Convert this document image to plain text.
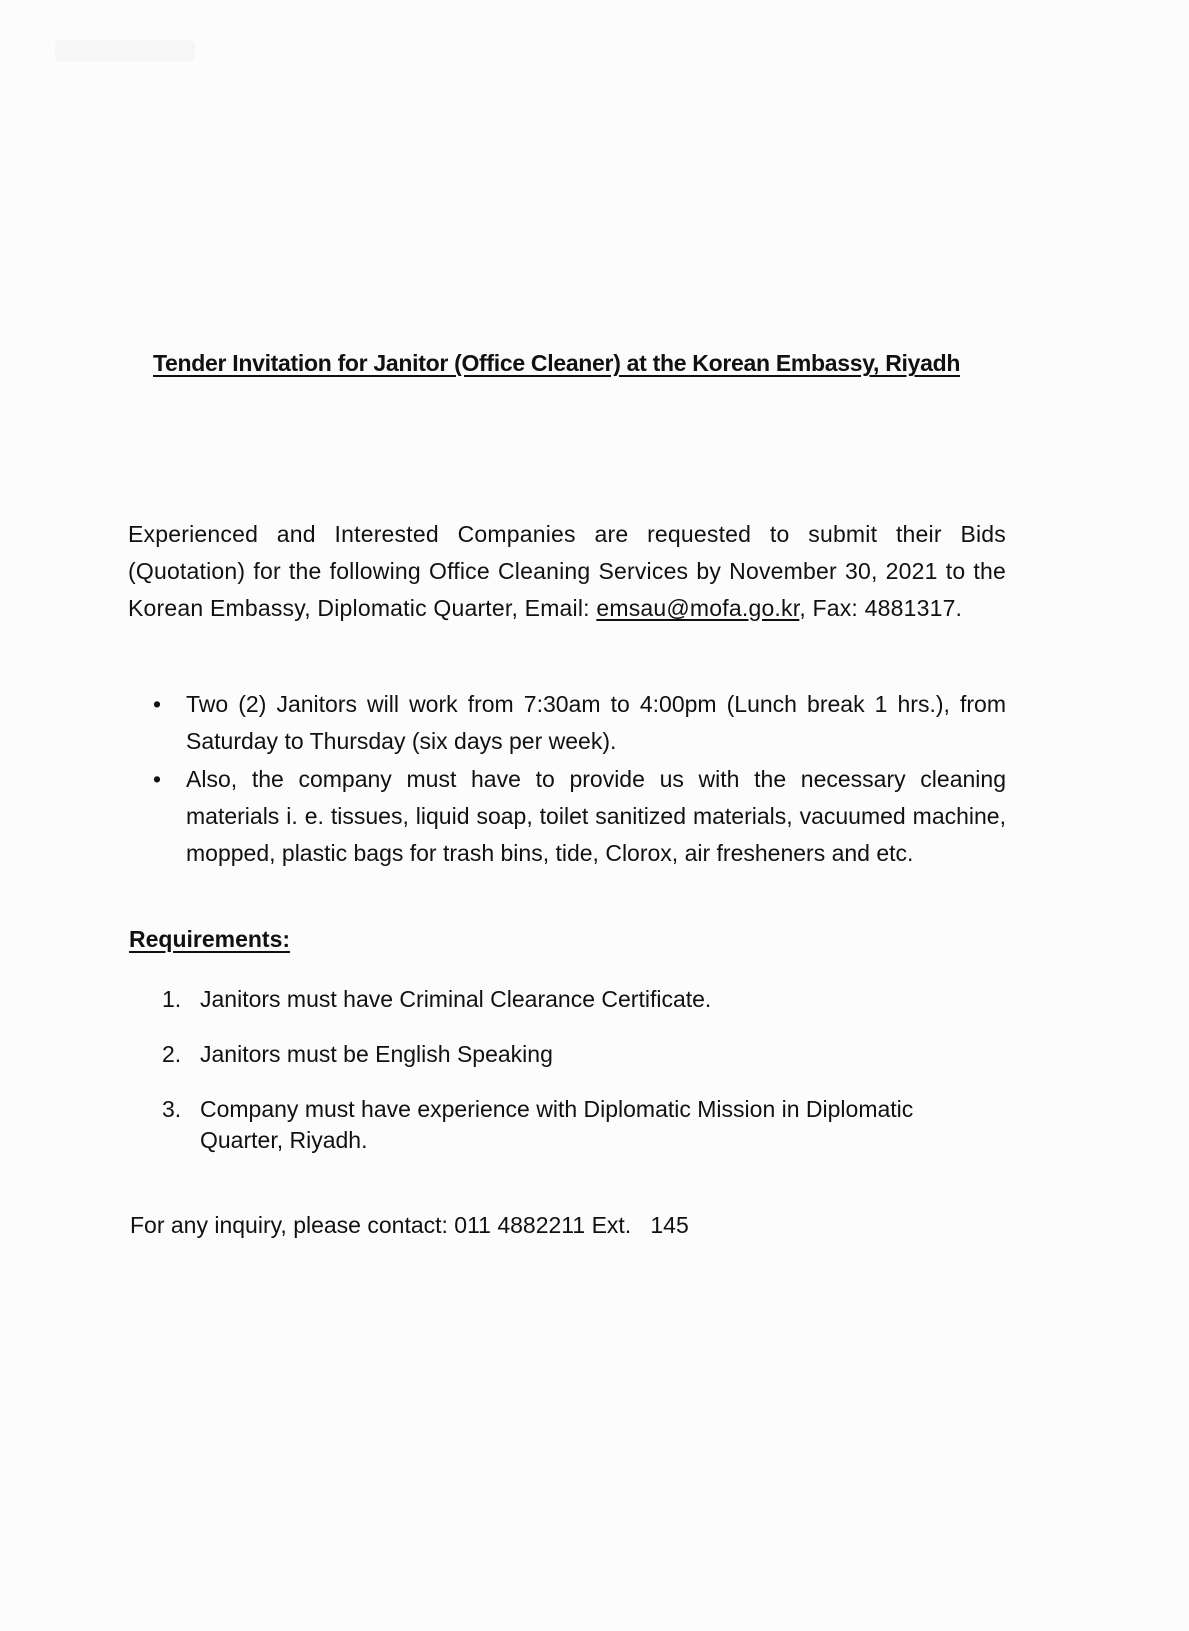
Tender Invitation for Janitor (Office Cleaner) at the Korean Embassy, Riyadh
Experienced and Interested Companies are requested to submit their Bids (Quotation) for the following Office Cleaning Services by November 30, 2021 to the Korean Embassy, Diplomatic Quarter, Email: emsau@mofa.go.kr, Fax: 4881317.
• Two (2) Janitors will work from 7:30am to 4:00pm (Lunch break 1 hrs.), from Saturday to Thursday (six days per week).
• Also, the company must have to provide us with the necessary cleaning materials i. e. tissues, liquid soap, toilet sanitized materials, vacuumed machine, mopped, plastic bags for trash bins, tide, Clorox, air fresheners and etc.
Requirements:
1. Janitors must have Criminal Clearance Certificate.
2. Janitors must be English Speaking
3. Company must have experience with Diplomatic Mission in Diplomatic Quarter, Riyadh.
For any inquiry, please contact: 011 4882211 Ext.   145
